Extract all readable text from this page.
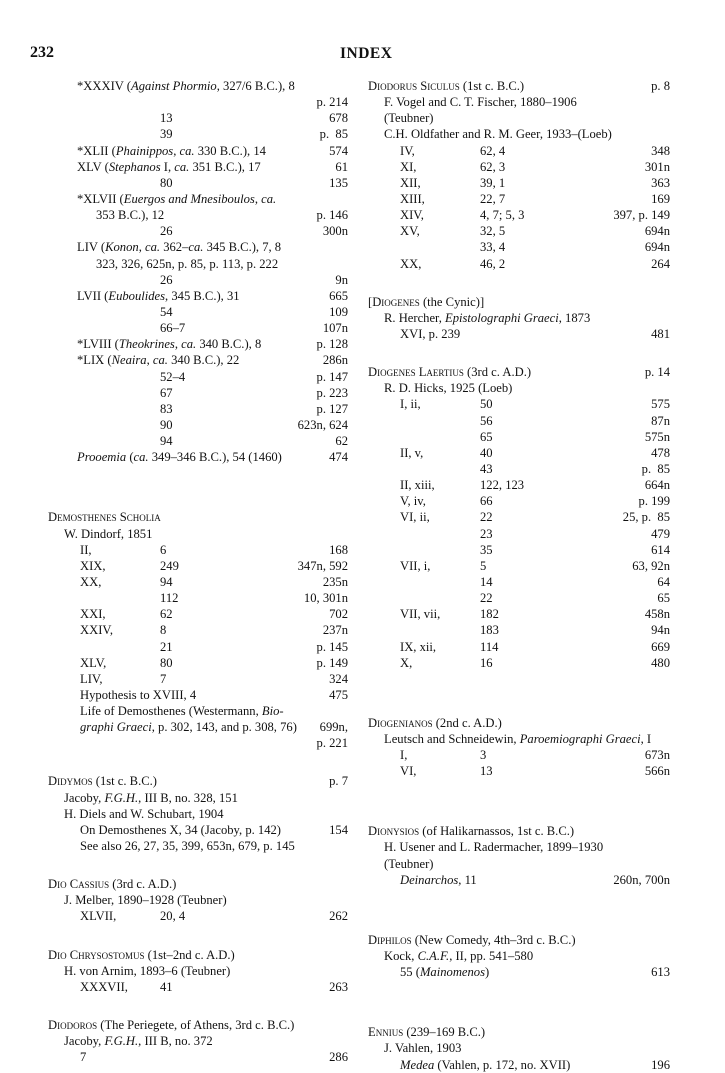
232	INDEX
*XXXIV (Against Phormio, 327/6 B.C.), 8
p. 214
13	678
39	p.  85
*XLII (Phainippos, ca. 330 B.C.), 14	574
XLV (Stephanos I, ca. 351 B.C.), 17	61
80	135
*XLVII (Euergos and Mnesiboulos, ca.
353 B.C.), 12	p. 146
26	300n
LIV (Konon, ca. 362–ca. 345 B.C.), 7, 8
323, 326, 625n, p. 85, p. 113, p. 222
26	9n
LVII (Euboulides, 345 B.C.), 31	665
54	109
66–7	107n
*LVIII (Theokrines, ca. 340 B.C.), 8	p. 128
*LIX (Neaira, ca. 340 B.C.), 22	286n
52–4	p. 147
67	p. 223
83	p. 127
90	623n, 624
94	62
Prooemia (ca. 349–346 B.C.), 54 (1460)	474
Demosthenes Scholia
W. Dindorf, 1851
II,	6	168
XIX,	249	347n, 592
XX,	94	235n
112	10, 301n
XXI,	62	702
XXIV,	8	237n
21	p. 145
XLV,	80	p. 149
LIV,	7	324
Hypothesis to XVIII, 4	475
Life of Demosthenes (Westermann, Bio-
graphi Graeci, p. 302, 143, and p. 308, 76) 699n,
p. 221
Didymos (1st c. B.C.)	p. 7
Jacoby, F.G.H., III B, no. 328, 151
H. Diels and W. Schubart, 1904
On Demosthenes X, 34 (Jacoby, p. 142)	154
See also 26, 27, 35, 399, 653n, 679, p. 145
Dio Cassius (3rd c. A.D.)
J. Melber, 1890–1928 (Teubner)
XLVII,	20, 4	262
Dio Chrysostomus (1st–2nd c. A.D.)
H. von Arnim, 1893–6 (Teubner)
XXXVII,	41	263
Diodoros (The Periegete, of Athens, 3rd c. B.C.)
Jacoby, F.G.H., III B, no. 372
7	286
Diodorus Siculus (1st c. B.C.)	p. 8
F. Vogel and C. T. Fischer, 1880–1906
(Teubner)
C.H. Oldfather and R. M. Geer, 1933–(Loeb)
IV,	62, 4	348
XI,	62, 3	301n
XII,	39, 1	363
XIII,	22, 7	169
XIV,	4, 7; 5, 3	397, p. 149
XV,	32, 5	694n
33, 4	694n
XX,	46, 2	264
[Diogenes (the Cynic)]
R. Hercher, Epistolographi Graeci, 1873
XVI, p. 239	481
Diogenes Laertius (3rd c. A.D.)	p. 14
R. D. Hicks, 1925 (Loeb)
I, ii,	50	575
56	87n
65	575n
II, v,	40	478
43	p.  85
II, xiii,	122, 123	664n
V, iv,	66	p. 199
VI, ii,	22	25, p.  85
23	479
35	614
VII, i,	5	63, 92n
14	64
22	65
VII, vii,	182	458n
183	94n
IX, xii,	114	669
X,	16	480
Diogenianos (2nd c. A.D.)
Leutsch and Schneidewin, Paroemiographi Graeci, I
I,	3	673n
VI,	13	566n
Dionysios (of Halikarnassos, 1st c. B.C.)
H. Usener and L. Radermacher, 1899–1930
(Teubner)
Deinarchos, 11	260n, 700n
Diphilos (New Comedy, 4th–3rd c. B.C.)
Kock, C.A.F., II, pp. 541–580
55 (Mainomenos)	613
Ennius (239–169 B.C.)
J. Vahlen, 1903
Medea (Vahlen, p. 172, no. XVII)	196
